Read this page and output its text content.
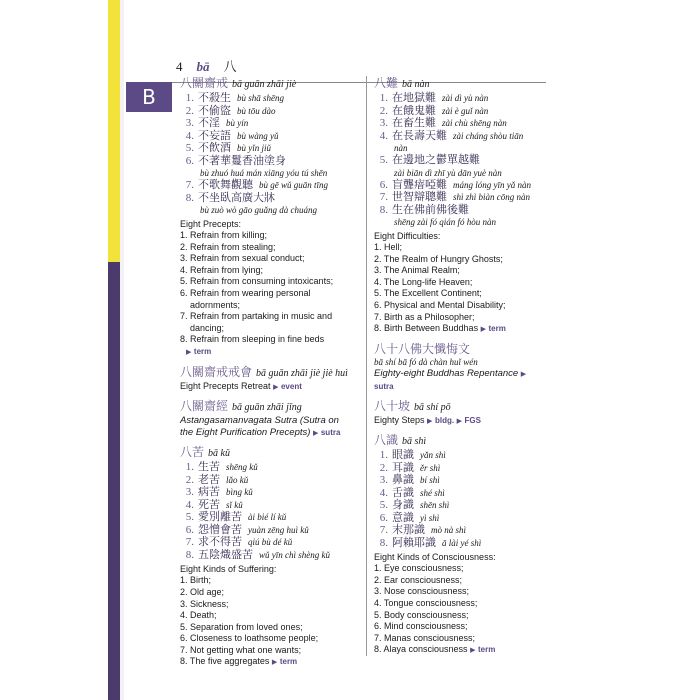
4 bā 八
B
八關齋戒 bā guān zhāi jiè
1. 不殺生 bù shā shēng
2. 不偷盜 bù tōu dào
3. 不淫 bù yín
4. 不妄語 bù wàng yǔ
5. 不飲酒 bù yǐn jiǔ
6. 不著華鬘香油塗身
bù zhuó huá mán xiāng yóu tú shēn
7. 不歌舞觀聽 bù gē wǔ guān tīng
8. 不坐臥高廣大牀
bù zuò wò gāo guǎng dà chuáng
Eight Precepts:
1. Refrain from killing;
2. Refrain from stealing;
3. Refrain from sexual conduct;
4. Refrain from lying;
5. Refrain from consuming intoxicants;
6. Refrain from wearing personal
adornments;
7. Refrain from partaking in music and
dancing;
8. Refrain from sleeping in fine beds
▶ term
八關齋戒戒會 bā guān zhāi jiè jiè huì
Eight Precepts Retreat ▶ event
八關齋經 bā guān zhāi jīng
Astangasamanvagata Sutra (Sutra on
the Eight Purification Precepts) ▶ sutra
八苦 bā kǔ
1. 生苦 shēng kǔ
2. 老苦 lǎo kǔ
3. 病苦 bìng kǔ
4. 死苦 sǐ kǔ
5. 愛別離苦 ài bié lí kǔ
6. 怨憎會苦 yuàn zēng huì kǔ
7. 求不得苦 qiú bù dé kǔ
8. 五陰熾盛苦 wǔ yīn chì shèng kǔ
Eight Kinds of Suffering:
1. Birth;
2. Old age;
3. Sickness;
4. Death;
5. Separation from loved ones;
6. Closeness to loathsome people;
7. Not getting what one wants;
8. The five aggregates ▶ term
八難 bā nàn
1. 在地獄難 zài dì yù nàn
2. 在餓鬼難 zài è guǐ nàn
3. 在畜生難 zài chù shēng nàn
4. 在長壽天難 zài cháng shòu tiān
nàn
5. 在邊地之鬱單越難
zài biān dì zhī yù dān yuè nàn
6. 盲聾瘖啞難 máng lóng yīn yǎ nàn
7. 世智辯聰難 shì zhì biàn cōng nàn
8. 生在佛前佛後難
shēng zài fó qián fó hòu nàn
Eight Difficulties:
1. Hell;
2. The Realm of Hungry Ghosts;
3. The Animal Realm;
4. The Long-life Heaven;
5. The Excellent Continent;
6. Physical and Mental Disability;
7. Birth as a Philosopher;
8. Birth Between Buddhas ▶ term
八十八佛大懺悔文
bā shí bā fó dà chàn huǐ wén
Eighty-eight Buddhas Repentance ▶
sutra
八十坡 bā shí pō
Eighty Steps ▶ bldg. ▶ FGS
八識 bā shì
1. 眼識 yǎn shì
2. 耳識 ěr shì
3. 鼻識 bí shì
4. 舌識 shé shì
5. 身識 shēn shì
6. 意識 yì shì
7. 末那識 mò nà shì
8. 阿賴耶識 ā lài yé shì
Eight Kinds of Consciousness:
1. Eye consciousness;
2. Ear consciousness;
3. Nose consciousness;
4. Tongue consciousness;
5. Body consciousness;
6. Mind consciousness;
7. Manas consciousness;
8. Alaya consciousness ▶ term
